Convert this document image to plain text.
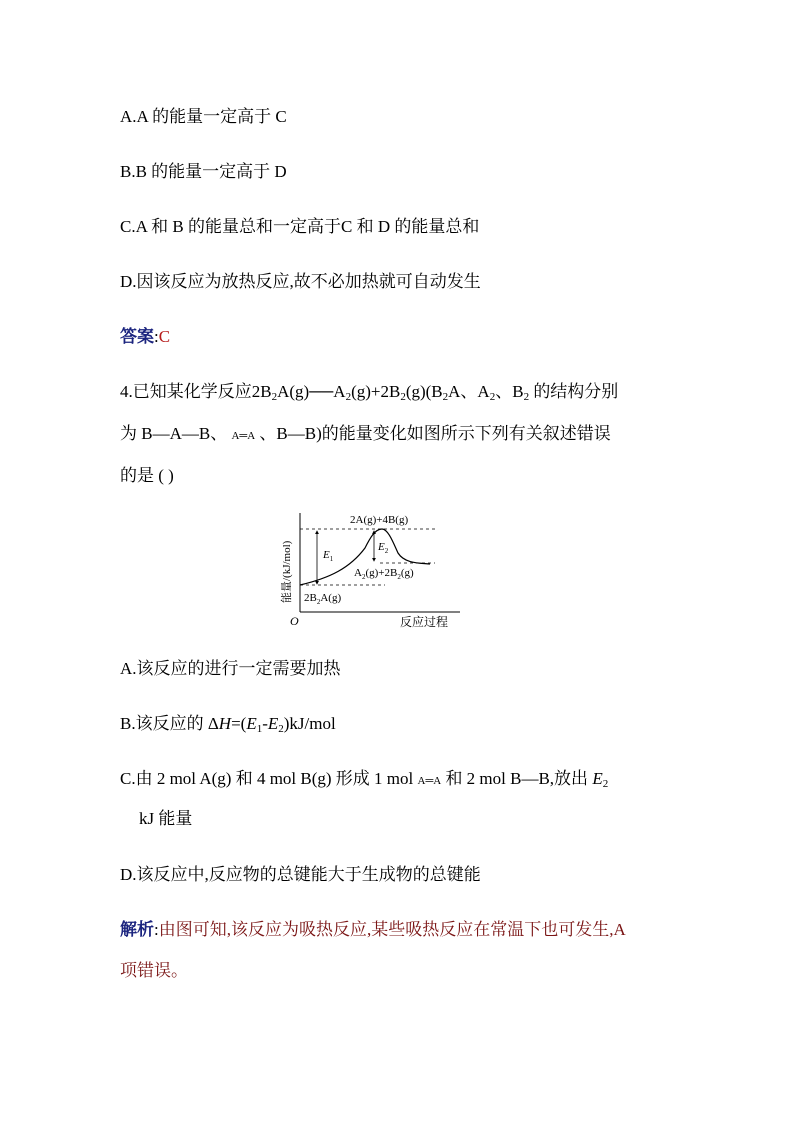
A.A 的能量一定高于 C
B.B 的能量一定高于 D
C.A 和 B 的能量总和一定高于C 和 D 的能量总和
D.因该反应为放热反应,故不必加热就可自动发生
答案:C
4.已知某化学反应$2B_2A(g)──A_2(g)+2B_2(g)(B_2A$、$A_2$、$B_2$ 的结构分别
为 B—A—B、 A═A 、B—B)的能量变化如图所示下列有关叙述错误
的是 ( )
$E_1$
$E_2$
2A(g)+4B(g)
$A_2(g)+2B_2(g)$
$2B_2A(g)$
能量/(kJ/mol)
O	反应过程
A.该反应的进行一定需要加热
B.该反应的 $\Delta H=(E_1-E_2)kJ$/mol
C.由 2 mol A(g) 和 4 mol B(g) 形成 1 mol A═A 和 2 mol B—B,放出 $E_2$
kJ 能量
D.该反应中,反应物的总键能大于生成物的总键能
解析:由图可知,该反应为吸热反应,某些吸热反应在常温下也可发生,A
项错误。
